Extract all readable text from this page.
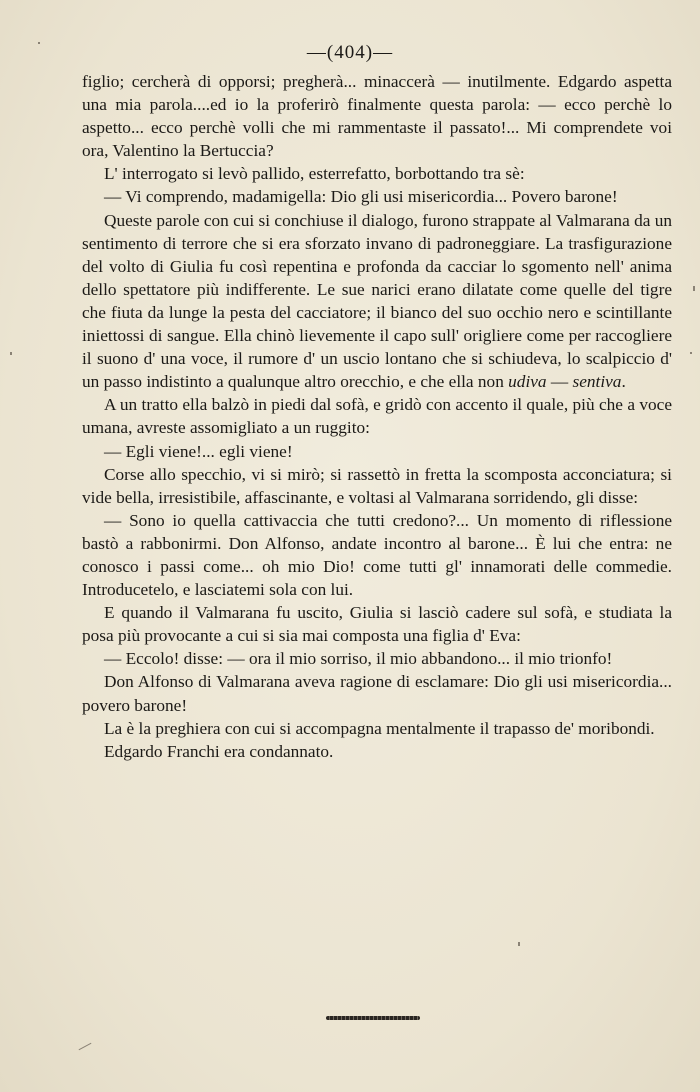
—(404)—

figlio; cercherà di opporsi; pregherà... minaccerà — inutilmente. Edgardo aspetta una mia parola....ed io la proferirò finalmente questa parola: — ecco perchè lo aspetto... ecco perchè volli che mi rammentaste il passato!... Mi comprendete voi ora, Valentino la Bertuccia?

L' interrogato si levò pallido, esterrefatto, borbottando tra sè:

— Vi comprendo, madamigella: Dio gli usi misericordia... Povero barone!

Queste parole con cui si conchiuse il dialogo, furono strappate al Valmarana da un sentimento di terrore che si era sforzato invano di padroneggiare. La trasfigurazione del volto di Giulia fu così repentina e profonda da cacciar lo sgomento nell' anima dello spettatore più indifferente. Le sue narici erano dilatate come quelle del tigre che fiuta da lunge la pesta del cacciatore; il bianco del suo occhio nero e scintillante iniettossi di sangue. Ella chinò lievemente il capo sull' origliere come per raccogliere il suono d' una voce, il rumore d' un uscio lontano che si schiudeva, lo scalpiccio d' un passo indistinto a qualunque altro orecchio, e che ella non udiva — sentiva.

A un tratto ella balzò in piedi dal sofà, e gridò con accento il quale, più che a voce umana, avreste assomigliato a un ruggito:

— Egli viene!... egli viene!

Corse allo specchio, vi si mirò; si rassettò in fretta la scomposta acconciatura; si vide bella, irresistibile, affascinante, e voltasi al Valmarana sorridendo, gli disse:

— Sono io quella cattivaccia che tutti credono?... Un momento di riflessione bastò a rabbonirmi. Don Alfonso, andate incontro al barone... È lui che entra: ne conosco i passi come... oh mio Dio! come tutti gl' innamorati delle commedie. Introducetelo, e lasciatemi sola con lui.

E quando il Valmarana fu uscito, Giulia si lasciò cadere sul sofà, e studiata la posa più provocante a cui si sia mai composta una figlia d' Eva:

— Eccolo! disse: — ora il mio sorriso, il mio abbandono... il mio trionfo!

Don Alfonso di Valmarana aveva ragione di esclamare: Dio gli usi misericordia... povero barone!

La è la preghiera con cui si accompagna mentalmente il trapasso de' moribondi.

Edgardo Franchi era condannato.
